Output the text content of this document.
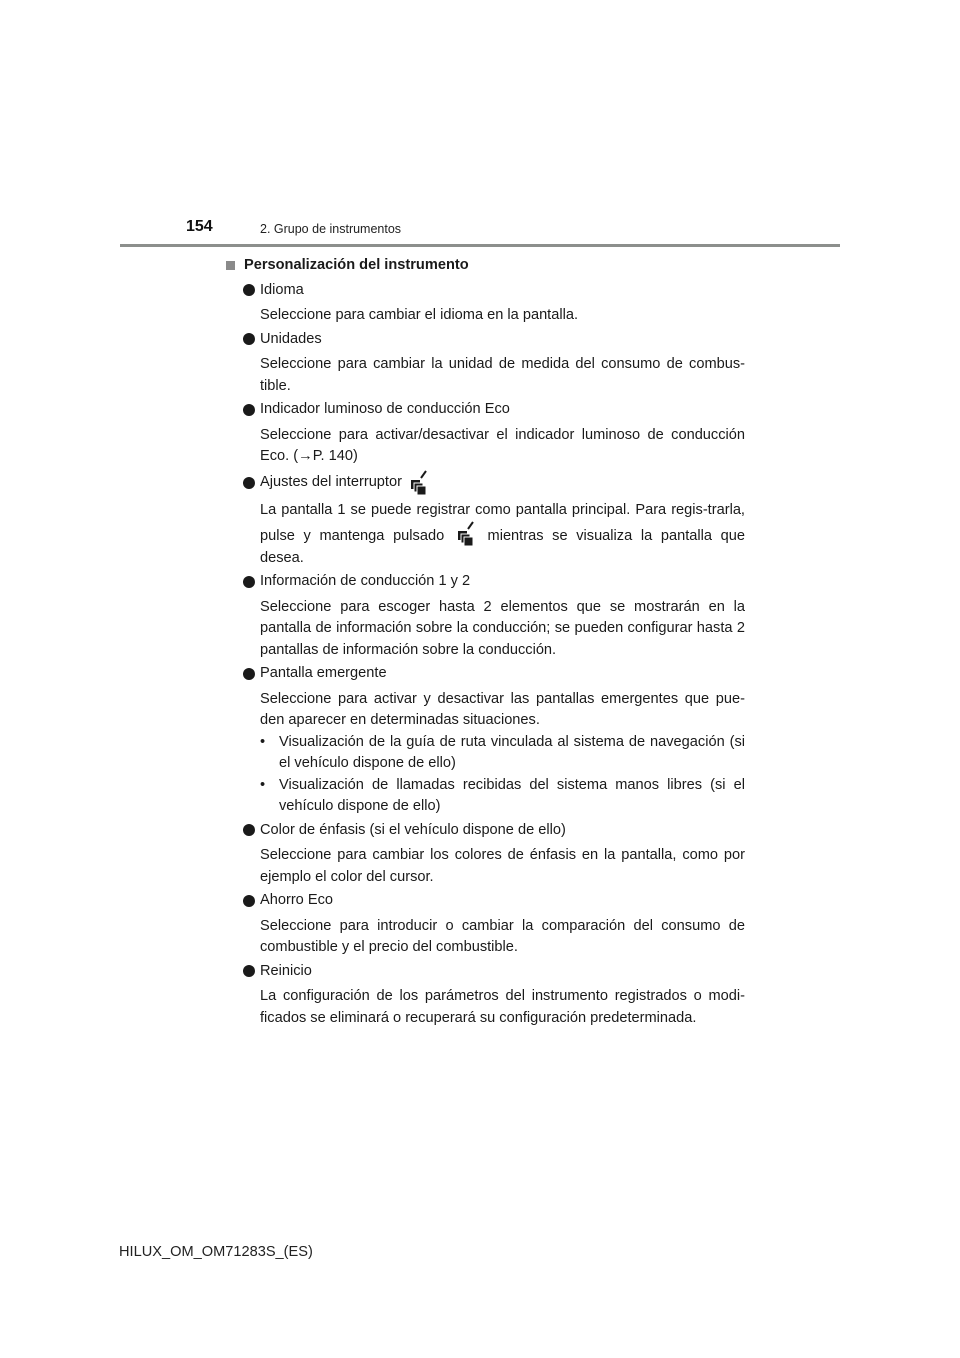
154	2. Grupo de instrumentos
Personalización del instrumento
Idioma
Seleccione para cambiar el idioma en la pantalla.
Unidades
Seleccione para cambiar la unidad de medida del consumo de combus-tible.
Indicador luminoso de conducción Eco
Seleccione para activar/desactivar el indicador luminoso de conducción Eco. (→P. 140)
Ajustes del interruptor
La pantalla 1 se puede registrar como pantalla principal. Para regis-trarla, pulse y mantenga pulsado	mientras se visualiza la pantalla que desea.
Información de conducción 1 y 2
Seleccione para escoger hasta 2 elementos que se mostrarán en la pantalla de información sobre la conducción; se pueden configurar hasta 2 pantallas de información sobre la conducción.
Pantalla emergente
Seleccione para activar y desactivar las pantallas emergentes que pue-den aparecer en determinadas situaciones.
• Visualización de la guía de ruta vinculada al sistema de navegación (si el vehículo dispone de ello)
• Visualización de llamadas recibidas del sistema manos libres (si el vehículo dispone de ello)
Color de énfasis (si el vehículo dispone de ello)
Seleccione para cambiar los colores de énfasis en la pantalla, como por ejemplo el color del cursor.
Ahorro Eco
Seleccione para introducir o cambiar la comparación del consumo de combustible y el precio del combustible.
Reinicio
La configuración de los parámetros del instrumento registrados o modi-ficados se eliminará o recuperará su configuración predeterminada.
HILUX_OM_OM71283S_(ES)
